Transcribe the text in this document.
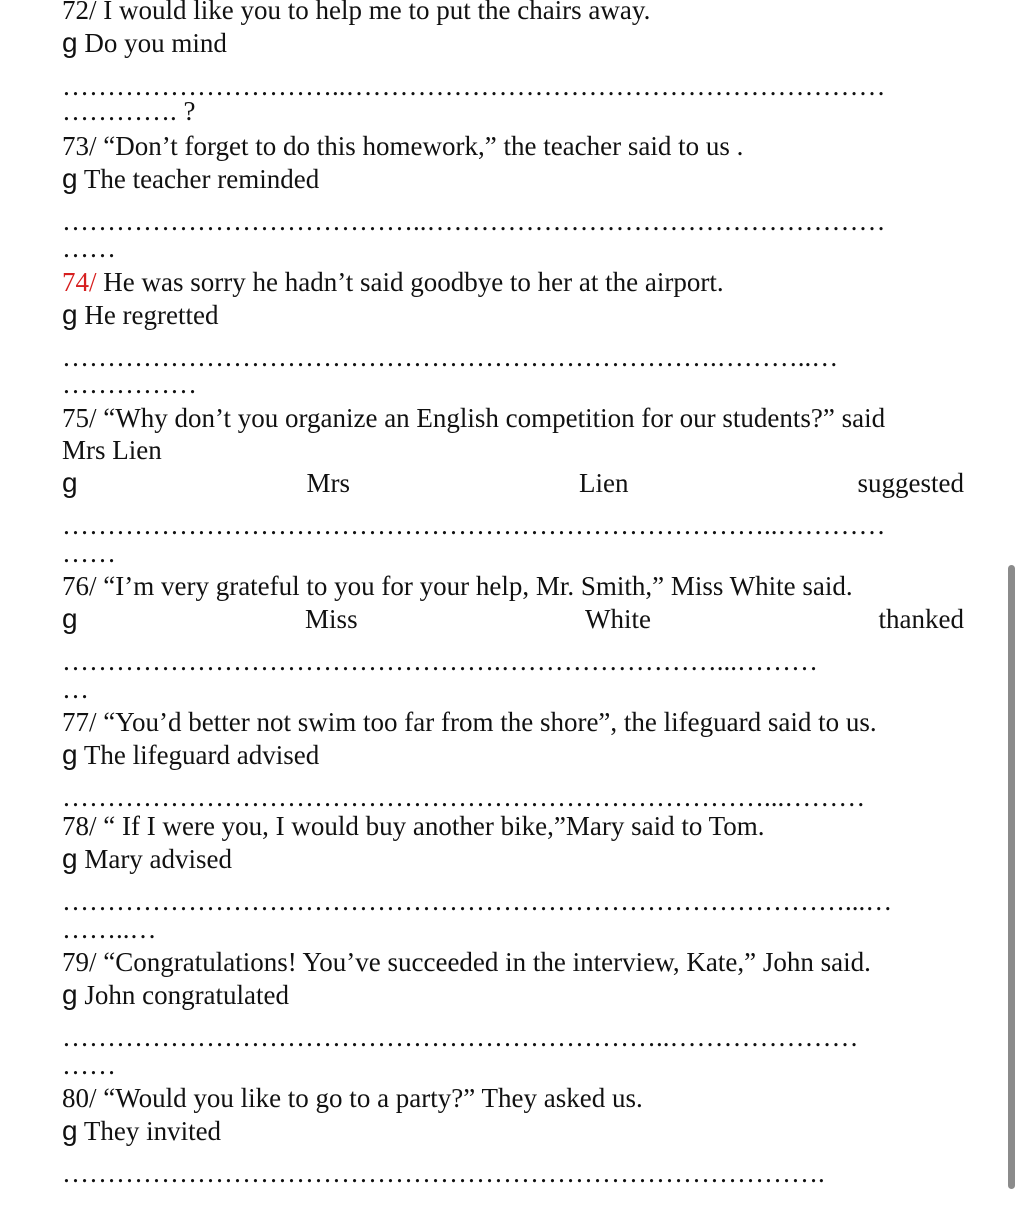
72/ I would like you to help me to put the chairs away.
g Do you mind
…………………………..……………………………………………………
…………. ?
73/ “Don’t forget to do this homework,” the teacher said to us .
g The teacher reminded
…………………………………..……………………………………………
……
74/ He was sorry he hadn’t said goodbye to her at the airport.
g He regretted
……………………………………………………………….………..…
……………
75/ “Why don’t you organize an English competition for our students?” said
Mrs Lien
g	Mrs	Lien	suggested
……………………………………………………………………..…………
……
76/ “I’m very grateful to you for your help, Mr. Smith,” Miss White said.
g	Miss	White	thanked
………………………………………….……………………...………
…
77/ “You’d better not swim too far from the shore”, the lifeguard said to us.
g The lifeguard advised
……………………………………………………………………...………
78/ “ If I were you, I would buy another bike,”Mary said to Tom.
g Mary advised
……………………………………………………………………………...…
……..…
79/ “Congratulations! You’ve succeeded in the interview, Kate,” John said.
g John congratulated
…………………………………………………………..…………………
……
80/ “Would you like to go to a party?” They asked us.
g They invited
………………………………………………………………………….
